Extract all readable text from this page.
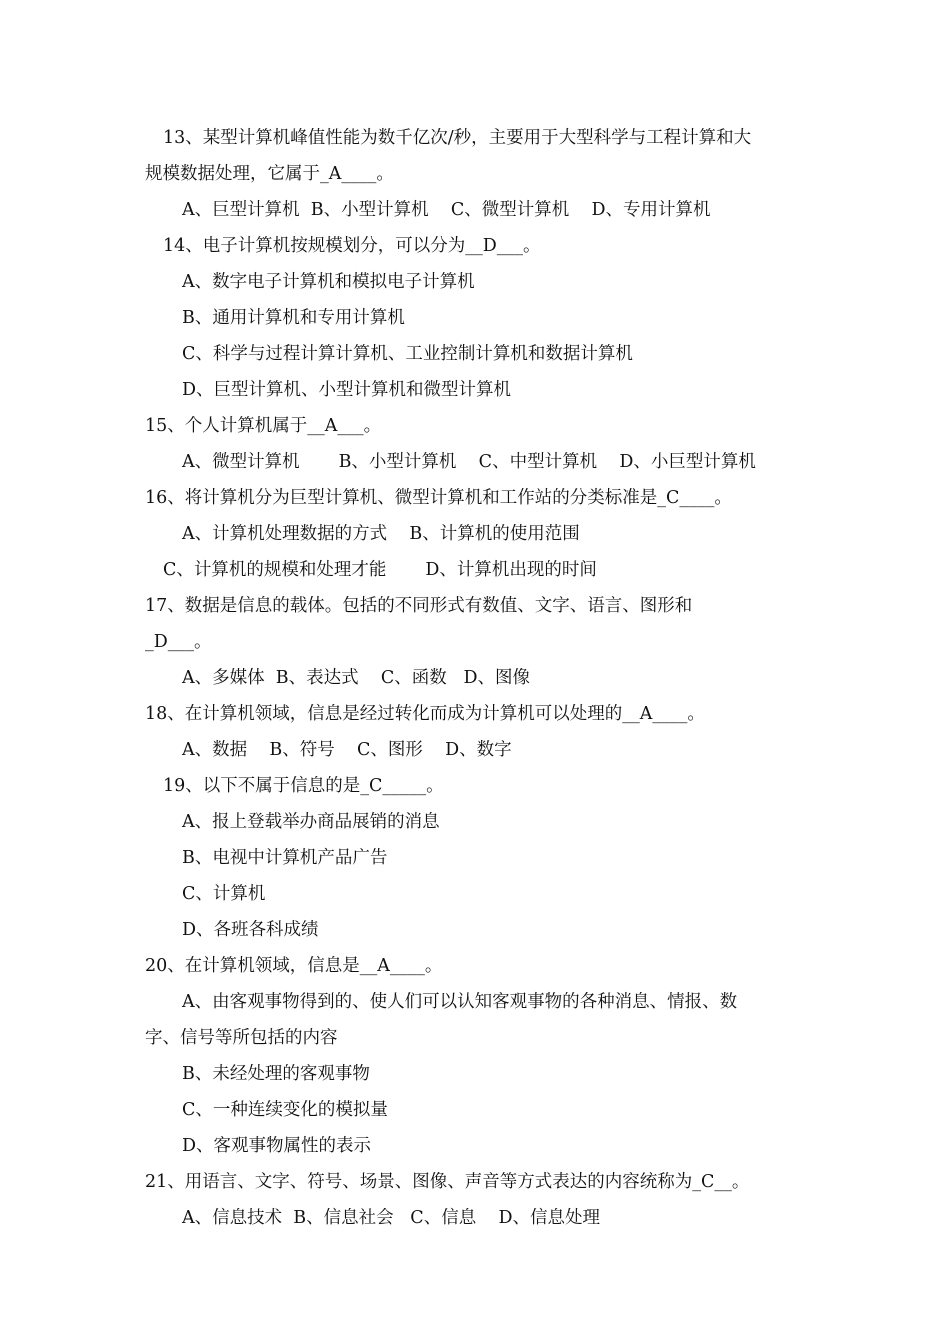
13、某型计算机峰值性能为数千亿次/秒，主要用于大型科学与工程计算和大
规模数据处理，它属于_A____。
A、巨型计算机  B、小型计算机    C、微型计算机    D、专用计算机
14、电子计算机按规模划分，可以分为__D___。
A、数字电子计算机和模拟电子计算机
B、通用计算机和专用计算机
C、科学与过程计算计算机、工业控制计算机和数据计算机
D、巨型计算机、小型计算机和微型计算机
15、个人计算机属于__A___。
A、微型计算机       B、小型计算机    C、中型计算机    D、小巨型计算机
16、将计算机分为巨型计算机、微型计算机和工作站的分类标准是_C____。
A、计算机处理数据的方式    B、计算机的使用范围
C、计算机的规模和处理才能       D、计算机出现的时间
17、数据是信息的载体。包括的不同形式有数值、文字、语言、图形和
_D___。
A、多媒体  B、表达式    C、函数   D、图像
18、在计算机领域，信息是经过转化而成为计算机可以处理的__A____。
A、数据    B、符号    C、图形    D、数字
19、以下不属于信息的是_C_____。
A、报上登载举办商品展销的消息
B、电视中计算机产品广告
C、计算机
D、各班各科成绩
20、在计算机领域，信息是__A____。
A、由客观事物得到的、使人们可以认知客观事物的各种消息、情报、数
字、信号等所包括的内容
B、未经处理的客观事物
C、一种连续变化的模拟量
D、客观事物属性的表示
21、用语言、文字、符号、场景、图像、声音等方式表达的内容统称为_C__。
A、信息技术  B、信息社会   C、信息    D、信息处理
